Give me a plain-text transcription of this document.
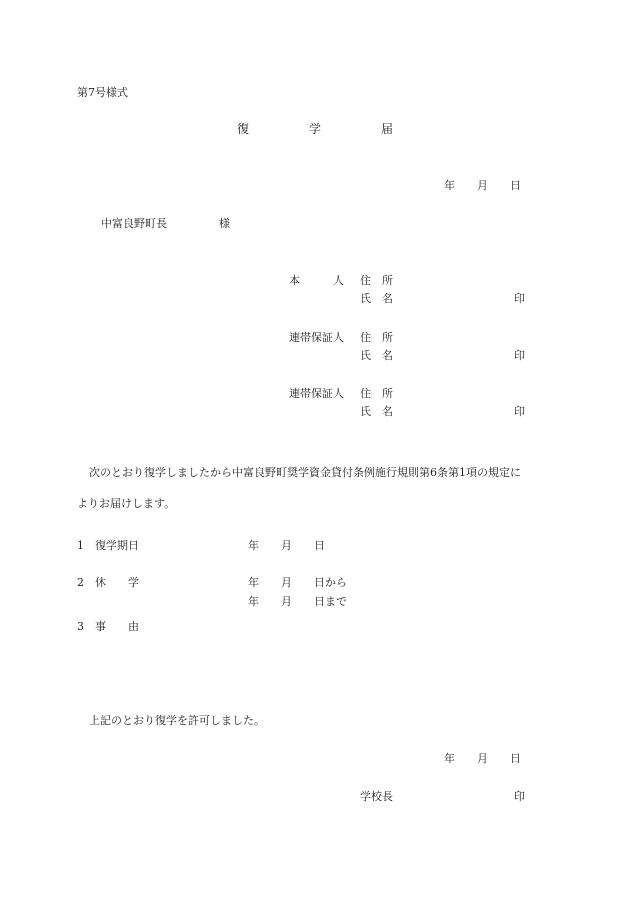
第7号様式
復　　　　　学　　　　　届
年　　月　　日
中富良野町長	様
本　　　人 住　所
氏　名	印
連帯保証人 住　所
氏　名	印
連帯保証人 住　所
氏　名	印
次のとおり復学しましたから中富良野町奨学資金貸付条例施行規則第6条第1項の規定に
よりお届けします。
1 復学期日	年　　月　　日
2 休　　学	年　　月　　日から
年　　月　　日まで
3 事　　由
上記のとおり復学を許可しました。
年　　月　　日
学校長	印
